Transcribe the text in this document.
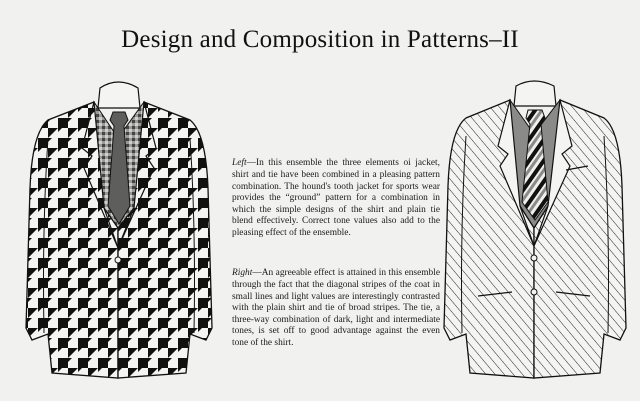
Design and Composition in Patterns–II

Left—In this ensemble the three elements oi jacket, shirt and tie have been combined in a pleasing pattern combination. The hound's tooth jacket for sports wear provides the “ground” pattern for a combination in which the simple designs of the shirt and plain tie blend effectively. Correct tone values also add to the pleasing effect of the ensemble.

Right—An agreeable effect is attained in this ensemble through the fact that the diagonal stripes of the coat in small lines and light values are interestingly contrasted with the plain shirt and tie of broad stripes. The tie, a three-way combination of dark, light and intermediate tones, is set off to good advantage against the even tone of the shirt.
